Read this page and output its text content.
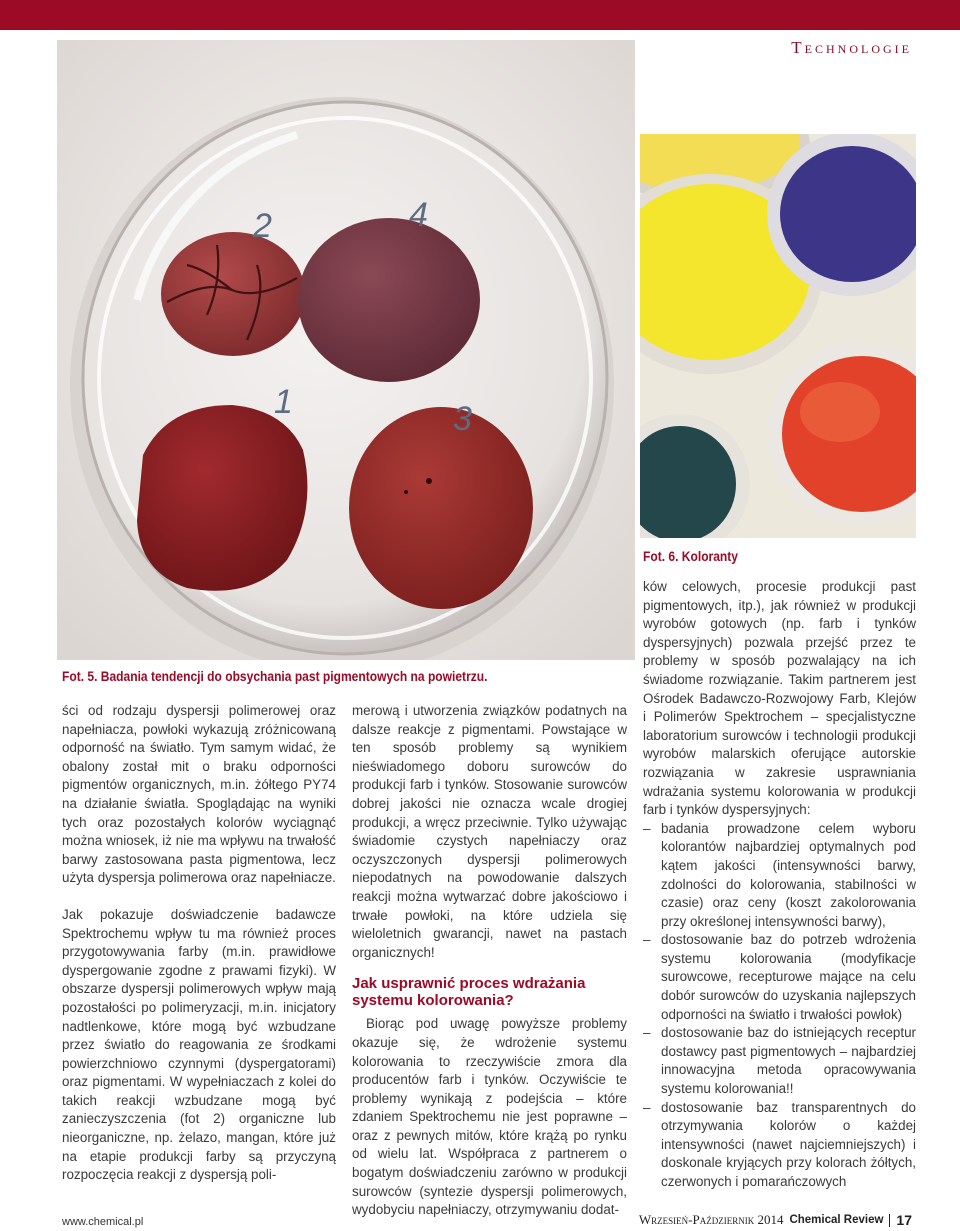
Technologie
2	4
1	3
Fot. 5. Badania tendencji do obsychania past pigmentowych na powietrzu.
Fot. 6. Koloranty

ści od rodzaju dyspersji polimerowej oraz napełniacza, powłoki wykazują zróżnicowaną odporność na światło. Tym samym widać, że obalony został mit o braku odporności pigmentów organicznych, m.in. żółtego PY74 na działanie światła. Spoglądając na wyniki tych oraz pozostałych kolorów wyciągnąć można wniosek, iż nie ma wpływu na trwałość barwy zastosowana pasta pigmentowa, lecz użyta dyspersja polimerowa oraz napełniacze.

Jak pokazuje doświadczenie badawcze Spektrochemu wpływ tu ma również proces przygotowywania farby (m.in. prawidłowe dyspergowanie zgodne z prawami fizyki). W obszarze dyspersji polimerowych wpływ mają pozostałości po polimeryzacji, m.in. inicjatory nadtlenkowe, które mogą być wzbudzane przez światło do reagowania ze środkami powierzchniowo czynnymi (dyspergatorami) oraz pigmentami. W wypełniaczach z kolei do takich reakcji wzbudzane mogą być zanieczyszczenia (fot 2) organiczne lub nieorganiczne, np. żelazo, mangan, które już na etapie produkcji farby są przyczyną rozpoczęcia reakcji z dyspersją poli-

merową i utworzenia związków podatnych na dalsze reakcje z pigmentami. Powstające w ten sposób problemy są wynikiem nieświadomego doboru surowców do produkcji farb i tynków. Stosowanie surowców dobrej jakości nie oznacza wcale drogiej produkcji, a wręcz przeciwnie. Tylko używając świadomie czystych napełniaczy oraz oczyszczonych dyspersji polimerowych niepodatnych na powodowanie dalszych reakcji można wytwarzać dobre jakościowo i trwałe powłoki, na które udziela się wieloletnich gwarancji, nawet na pastach organicznych!

Jak usprawnić proces wdrażania systemu kolorowania?

Biorąc pod uwagę powyższe problemy okazuje się, że wdrożenie systemu kolorowania to rzeczywiście zmora dla producentów farb i tynków. Oczywiście te problemy wynikają z podejścia – które zdaniem Spektrochemu nie jest poprawne – oraz z pewnych mitów, które krążą po rynku od wielu lat. Współpraca z partnerem o bogatym doświadczeniu zarówno w produkcji surowców (syntezie dyspersji polimerowych, wydobyciu napełniaczy, otrzymywaniu dodat-

ków celowych, procesie produkcji past pigmentowych, itp.), jak również w produkcji wyrobów gotowych (np. farb i tynków dyspersyjnych) pozwala przejść przez te problemy w sposób pozwalający na ich świadome rozwiązanie. Takim partnerem jest Ośrodek Badawczo-Rozwojowy Farb, Klejów i Polimerów Spektrochem – specjalistyczne laboratorium surowców i technologii produkcji wyrobów malarskich oferujące autorskie rozwiązania w zakresie usprawniania wdrażania systemu kolorowania w produkcji farb i tynków dyspersyjnych:

– badania prowadzone celem wyboru kolorantów najbardziej optymalnych pod kątem jakości (intensywności barwy, zdolności do kolorowania, stabilności w czasie) oraz ceny (koszt zakolorowania przy określonej intensywności barwy),
– dostosowanie baz do potrzeb wdrożenia systemu kolorowania (modyfikacje surowcowe, recepturowe mające na celu dobór surowców do uzyskania najlepszych odporności na światło i trwałości powłok)
– dostosowanie baz do istniejących receptur dostawcy past pigmentowych – najbardziej innowacyjna metoda opracowywania systemu kolorowania!!
– dostosowanie baz transparentnych do otrzymywania kolorów o każdej intensywności (nawet najciemniejszych) i doskonale kryjących przy kolorach żółtych, czerwonych i pomarańczowych
www.chemical.pl	Wrzesień-Październik 2014 Chemical Review 17
